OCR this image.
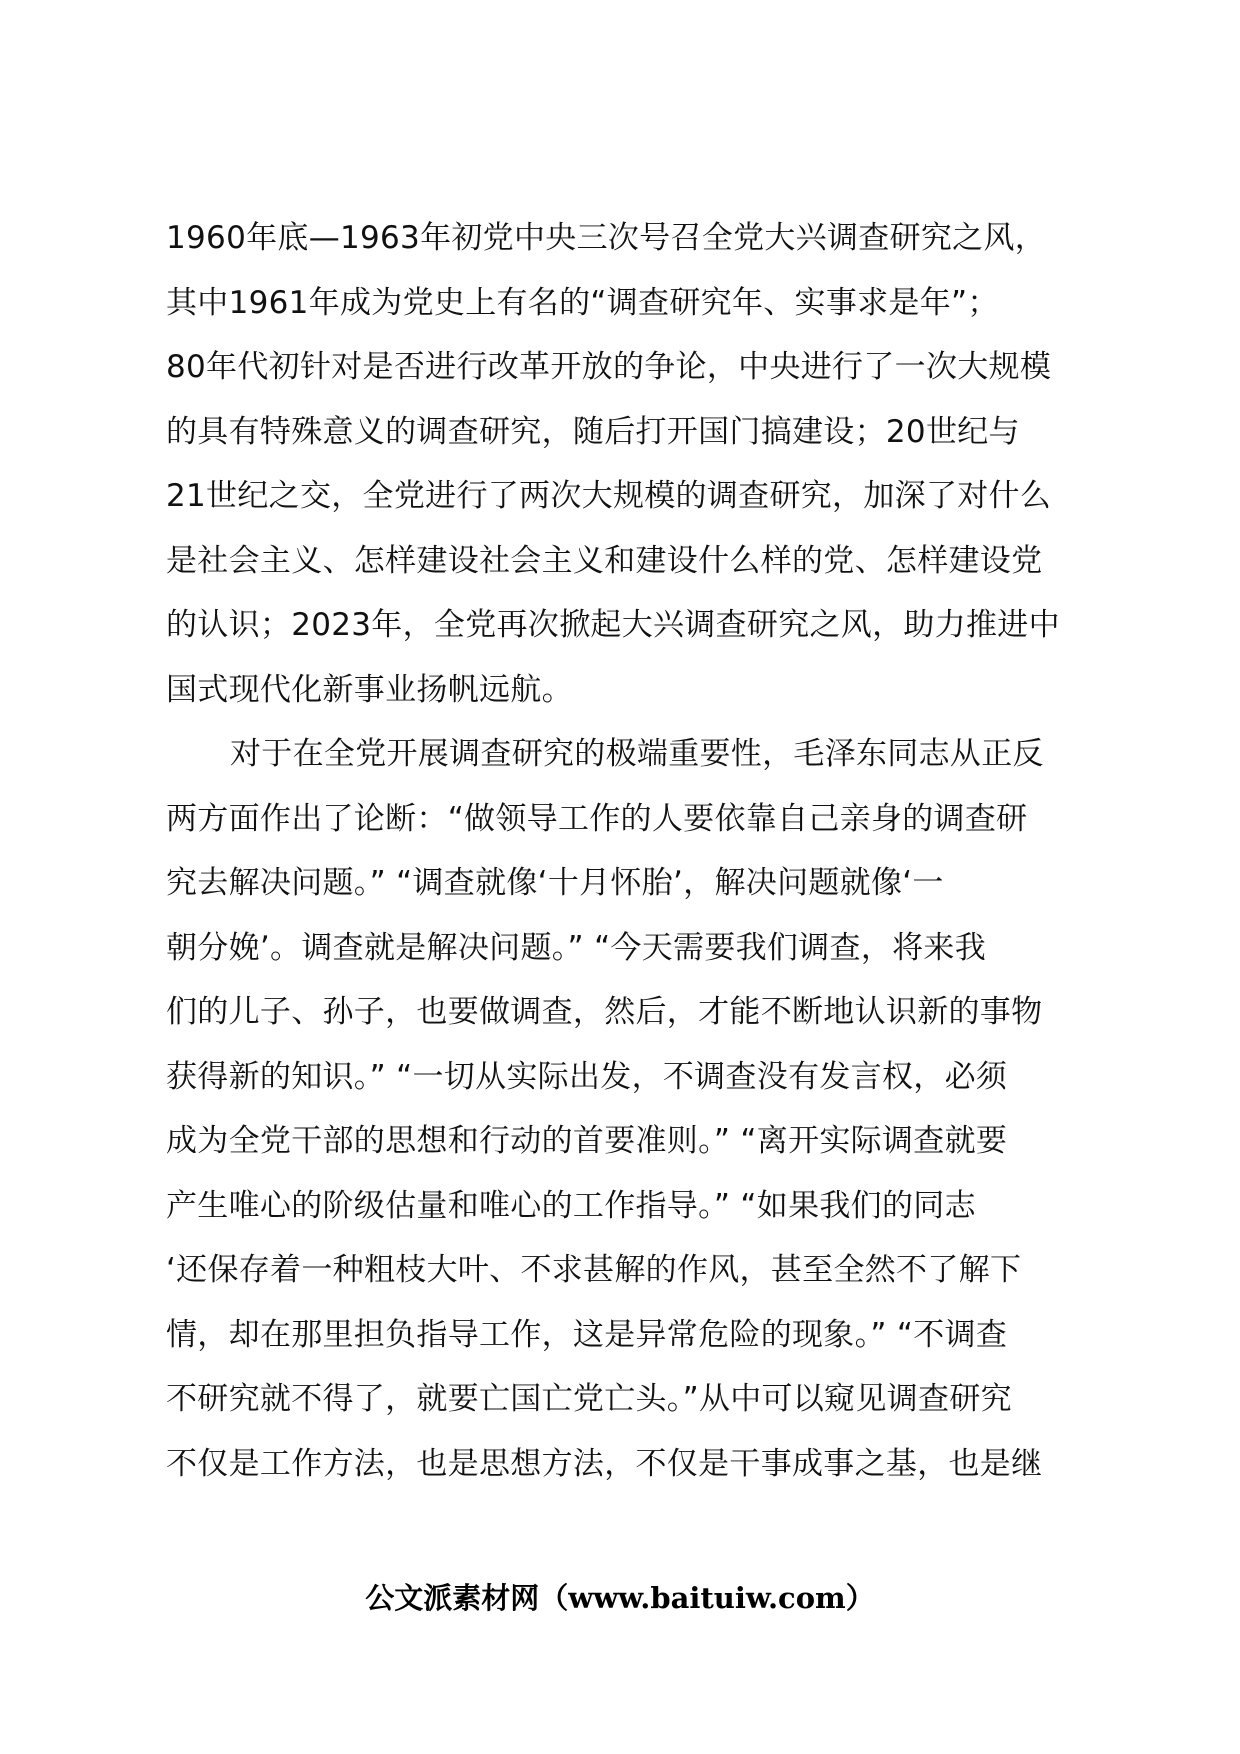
1960年底—1963年初党中央三次号召全党大兴调查研究之风，
其中1961年成为党史上有名的“调查研究年、实事求是年”；
80年代初针对是否进行改革开放的争论，中央进行了一次大规模
的具有特殊意义的调查研究，随后打开国门搞建设；20世纪与
21世纪之交，全党进行了两次大规模的调查研究，加深了对什么
是社会主义、怎样建设社会主义和建设什么样的党、怎样建设党
的认识；2023年，全党再次掀起大兴调查研究之风，助力推进中
国式现代化新事业扬帆远航。
对于在全党开展调查研究的极端重要性，毛泽东同志从正反
两方面作出了论断：“做领导工作的人要依靠自己亲身的调查研
究去解决问题。” “调查就像‘十月怀胎’，解决问题就像‘一
朝分娩’。调查就是解决问题。” “今天需要我们调查，将来我
们的儿子、孙子，也要做调查，然后，才能不断地认识新的事物
获得新的知识。” “一切从实际出发，不调查没有发言权，必须
成为全党干部的思想和行动的首要准则。” “离开实际调查就要
产生唯心的阶级估量和唯心的工作指导。” “如果我们的同志
‘还保存着一种粗枝大叶、不求甚解的作风，甚至全然不了解下
情，却在那里担负指导工作，这是异常危险的现象。” “不调查
不研究就不得了，就要亡国亡党亡头。”从中可以窥见调查研究
不仅是工作方法，也是思想方法，不仅是干事成事之基，也是继
公文派素材网（www.baituiw.com）
